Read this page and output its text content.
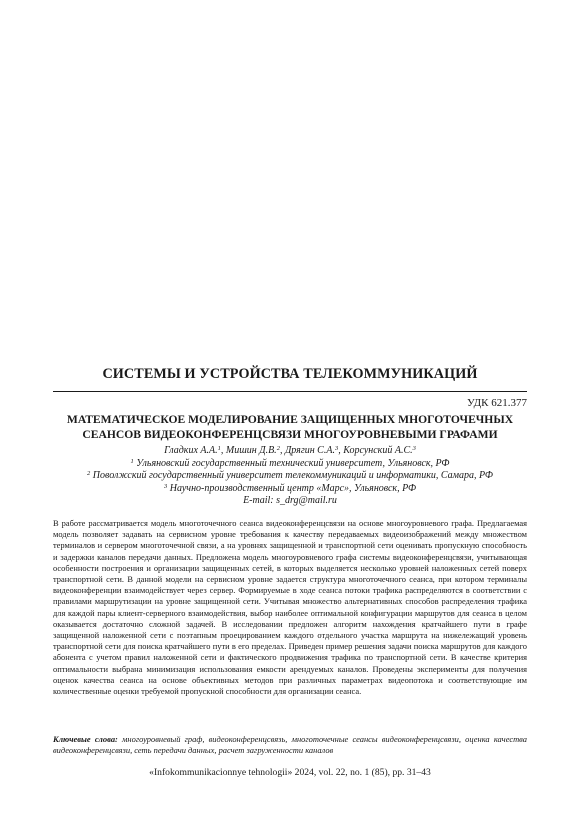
СИСТЕМЫ И УСТРОЙСТВА ТЕЛЕКОММУНИКАЦИЙ
УДК 621.377
МАТЕМАТИЧЕСКОЕ МОДЕЛИРОВАНИЕ ЗАЩИЩЕННЫХ МНОГОТОЧЕЧНЫХ
СЕАНСОВ ВИДЕОКОНФЕРЕНЦСВЯЗИ МНОГОУРОВНЕВЫМИ ГРАФАМИ
Гладких А.А.$^1$, Мишин Д.В.$^2$, Дрягин С.А.$^3$, Корсунский А.С.$^3$
$^1$ Ульяновский государственный технический университет, Ульяновск, РФ
$^2$ Поволжский государственный университет телекоммуникаций и информатики, Самара, РФ
$^3$ Научно-производственный центр «Марс», Ульяновск, РФ
E-mail: s_drg@mail.ru

В работе рассматривается модель многоточечного сеанса видеоконференцсвязи на основе многоуровневого графа. Предлагаемая модель позволяет задавать на сервисном уровне требования к качеству передаваемых видеоизображений между множеством терминалов и сервером многоточечной связи, а на уровнях защищенной и транспортной сети оценивать пропускную способность и задержки каналов передачи данных. Предложена модель многоуровневого графа системы видеоконференцсвязи, учитывающая особенности построения и организации защищенных сетей, в которых выделяется несколько уровней наложенных сетей поверх транспортной сети. В данной модели на сервисном уровне задается структура многоточечного сеанса, при котором терминалы видеоконференции взаимодействует через сервер. Формируемые в ходе сеанса потоки трафика распределяются в соответствии с правилами маршрутизации на уровне защищенной сети. Учитывая множество альтернативных способов распределения трафика для каждой пары клиент-серверного взаимодействия, выбор наиболее оптимальной конфигурации маршрутов для сеанса в целом оказывается достаточно сложной задачей. В исследовании предложен алгоритм нахождения кратчайшего пути в графе защищенной наложенной сети с поэтапным проецированием каждого отдельного участка маршрута на нижележащий уровень транспортной сети для поиска кратчайшего пути в его пределах. Приведен пример решения задачи поиска маршрутов для каждого абонента с учетом правил наложенной сети и фактического продвижения трафика по транспортной сети. В качестве критерия оптимальности выбрана минимизация использования емкости арендуемых каналов. Проведены эксперименты для получения оценок качества сеанса на основе объективных методов при различных параметрах видеопотока и соответствующие им количественные оценки требуемой пропускной способности для организации сеанса.

Ключевые слова: многоуровневый граф, видеоконференцсвязь, многоточечные сеансы видеоконференцсвязи, оценка качества видеоконференцсвязи, сеть передачи данных, расчет загруженности каналов

«Infokommunikacionnye tehnologii» 2024, vol. 22, no. 1 (85), pp. 31–43
